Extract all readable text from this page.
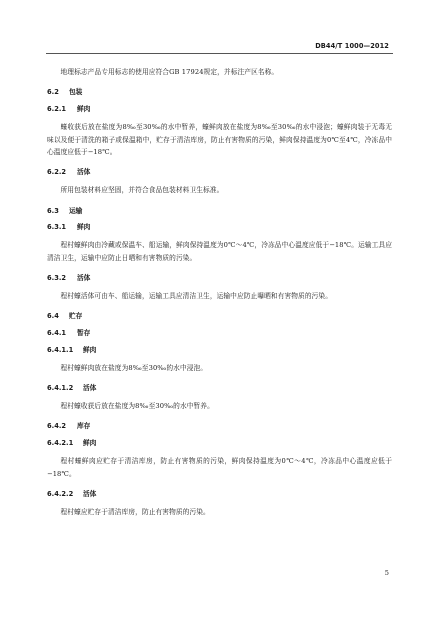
DB44/T 1000—2012

地理标志产品专用标志的使用应符合GB 17924规定，并标注产区名称。

6.2 包装
6.2.1 鲜肉

蠔收获后放在盐度为8‰至30‰的水中暂养，蠔鲜肉放在盐度为8‰至30‰的水中浸泡；蠔鲜肉装于无毒无味以及便于清洗的箱子或保温箱中，贮存于清洁库房，防止有害物质的污染，鲜肉保持温度为0℃至4℃，冷冻品中心温度应低于−18℃。

6.2.2 活体

所用包装材料应坚固，并符合食品包装材料卫生标准。

6.3 运输
6.3.1 鲜肉

程村蠔鲜肉由冷藏或保温车、船运输，鲜肉保持温度为0℃～4℃，冷冻品中心温度应低于−18℃。运输工具应清洁卫生，运输中应防止日晒和有害物质的污染。

6.3.2 活体

程村蠔活体可由车、船运输，运输工具应清洁卫生，运输中应防止曝晒和有害物质的污染。

6.4 贮存
6.4.1 暂存
6.4.1.1 鲜肉

程村蠔鲜肉放在盐度为8‰至30‰的水中浸泡。

6.4.1.2 活体

程村蠔收获后放在盐度为8‰至30‰的水中暂养。

6.4.2 库存
6.4.2.1 鲜肉

程村蠔鲜肉应贮存于清洁库房，防止有害物质的污染，鲜肉保持温度为0℃～4℃，冷冻品中心温度应低于−18℃。

6.4.2.2 活体

程村蠔应贮存于清洁库房，防止有害物质的污染。

5
